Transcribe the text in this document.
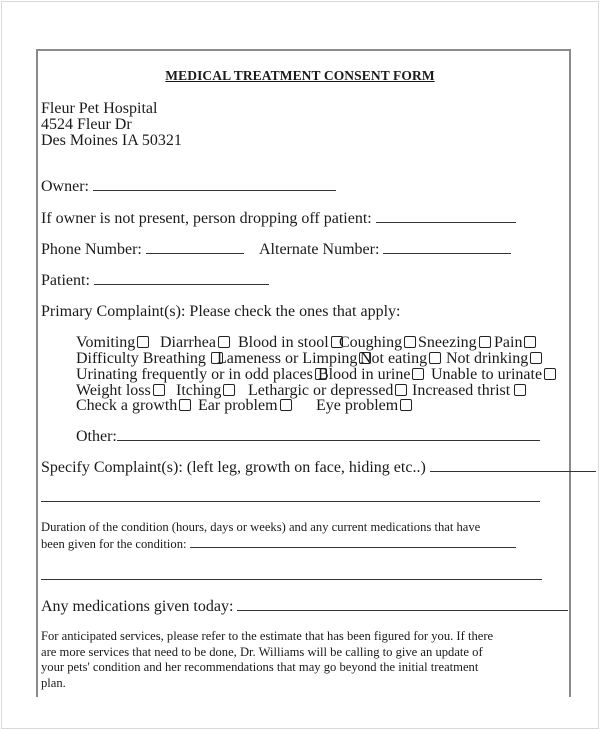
MEDICAL TREATMENT CONSENT FORM
Fleur Pet Hospital
4524 Fleur Dr
Des Moines IA 50321
Owner:
If owner is not present, person dropping off patient:
Phone Number:	Alternate Number:
Patient:
Primary Complaint(s): Please check the ones that apply:
Vomiting	Diarrhea	Blood in stool Coughing Sneezing	Pain
Difficulty Breathing Lameness or Limping Not eating	Not drinking
Urinating frequently or in odd places Blood in urine	Unable to urinate
Weight loss	Itching	Lethargic or depressed	Increased thrist
Check a growth	Ear problem	Eye problem
Other:
Specify Complaint(s): (left leg, growth on face, hiding etc..)
Duration of the condition (hours, days or weeks) and any current medications that have
been given for the condition:
Any medications given today:
For anticipated services, please refer to the estimate that has been figured for you. If there
are more services that need to be done, Dr. Williams will be calling to give an update of
your pets' condition and her recommendations that may go beyond the initial treatment
plan.
